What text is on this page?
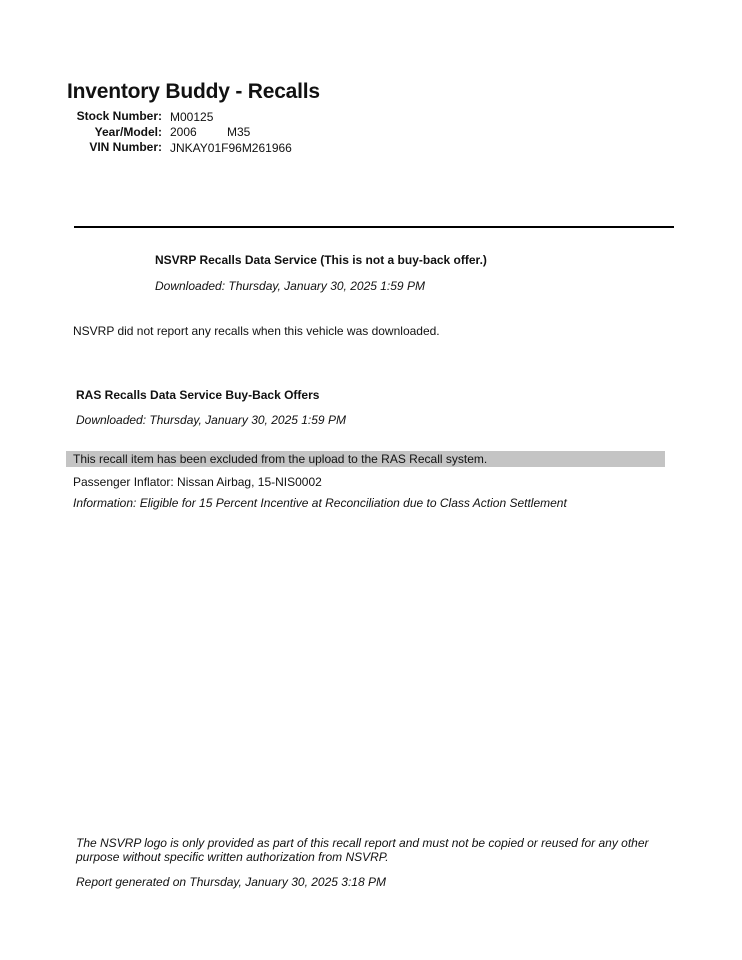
Inventory Buddy - Recalls
Stock Number: M00125
Year/Model: 2006	M35
VIN Number: JNKAY01F96M261966
NSVRP Recalls Data Service (This is not a buy-back offer.)
Downloaded: Thursday, January 30, 2025 1:59 PM
NSVRP did not report any recalls when this vehicle was downloaded.
RAS Recalls Data Service Buy-Back Offers
Downloaded: Thursday, January 30, 2025 1:59 PM
This recall item has been excluded from the upload to the RAS Recall system.
Passenger Inflator: Nissan Airbag, 15-NIS0002
Information: Eligible for 15 Percent Incentive at Reconciliation due to Class Action Settlement
The NSVRP logo is only provided as part of this recall report and must not be copied or reused for any other purpose without specific written authorization from NSVRP.
Report generated on Thursday, January 30, 2025 3:18 PM
